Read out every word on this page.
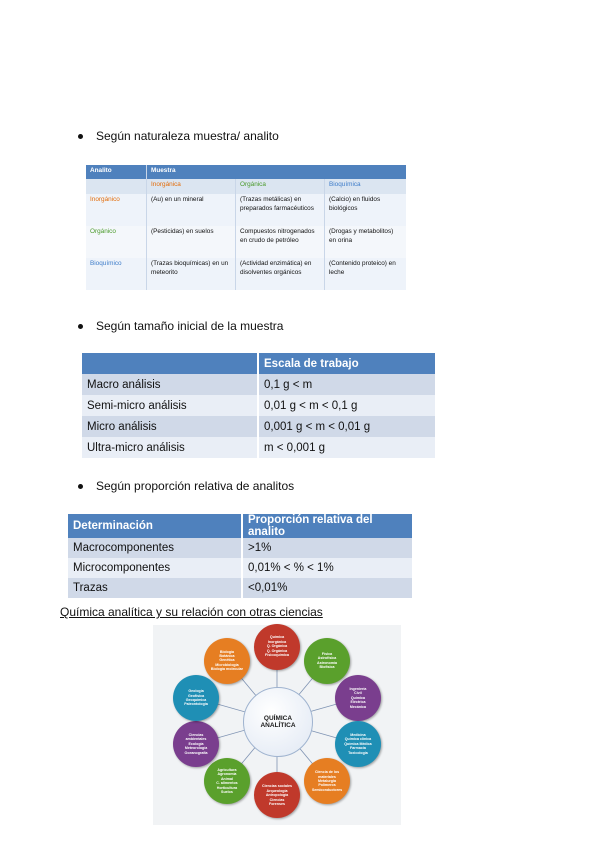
Según naturaleza muestra/ analito
Analito	Muestra		
	Inorgánica	Orgánica	Bioquímica
Inorgánico	(Au) en un mineral	(Trazas metálicas) en preparados farmacéuticos	(Calcio) en fluidos biológicos
Orgánico	(Pesticidas) en suelos	Compuestos nitrogenados en crudo de petróleo	(Drogas y metabolitos) en orina
Bioquímico	(Trazas bioquímicas) en un meteorito	(Actividad enzimática) en disolventes orgánicos	(Contenido proteico) en leche
Según tamaño inicial de la muestra
	Escala de trabajo
Macro análisis	0,1 g < m
Semi-micro análisis	0,01 g < m < 0,1 g
Micro análisis	0,001 g < m < 0,01 g
Ultra-micro análisis	m < 0,001 g
Según proporción relativa de analitos
Determinación	Proporción relativa del analito
Macrocomponentes	>1%
Microcomponentes	0,01% < % < 1%
Trazas	<0,01%
Química analítica y su relación con otras ciencias
QUÍMICA
ANALÍTICA
Química
Inorgánica
Q. Orgánica
Q. Orgánica
Fisicoquímica	Física
Astrofísica
Astronomía
Biofísica
Ingeniería
Civil
Química
Eléctrica
Mecánica
Medicina
Química clínica
Química Médica
Farmacia
Toxicología
Ciencia de los
materiales
Metalurgia
Polímeros
Semiconductores
Ciencias sociales
Arqueología
Antropología
Ciencias
Forenses
Agricultura
Agronomía
Animal
C. alimentos
Horticultura
Suelos
Ciencias
ambientales
Ecología
Meteorología
Oceanografía
Geología
Geofísica
Geoquímica
Paleontología
Biología
Botánica
Genética
Microbiología
Biología molecular
